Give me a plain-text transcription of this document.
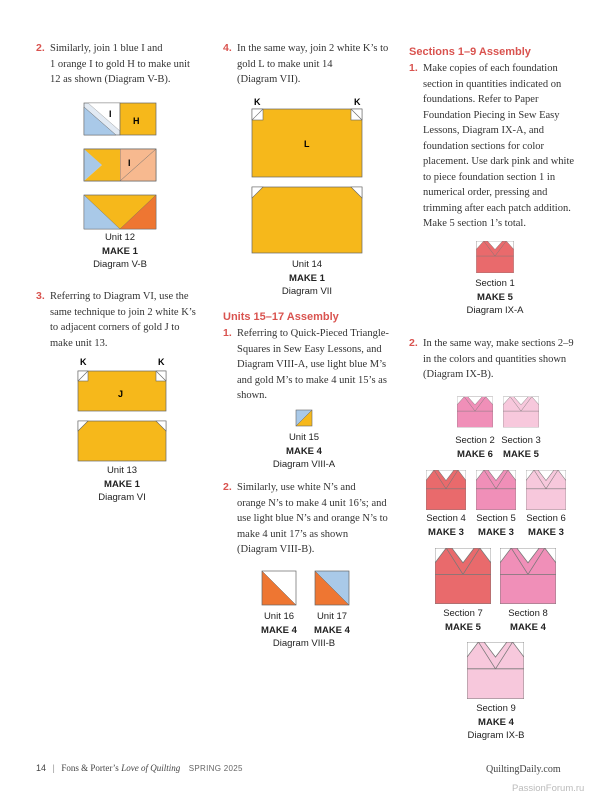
2. Similarly, join 1 blue I and
1 orange I to gold H to make unit
12 as shown (Diagram V-B).
I
H
I
Unit 12
MAKE 1
Diagram V-B
3. Referring to Diagram VI, use the
same technique to join 2 white K’s
to adjacent corners of gold J to
make unit 13.
K	K
J
Unit 13
MAKE 1
Diagram VI
4. In the same way, join 2 white K’s to
gold L to make unit 14
(Diagram VII).
K	K
L
Unit 14
MAKE 1
Diagram VII
Units 15–17 Assembly
1. Referring to Quick-Pieced Triangle-
Squares in Sew Easy Lessons, and
Diagram VIII-A, use light blue M’s
and gold M’s to make 4 unit 15’s as
shown.
Unit 15
MAKE 4
Diagram VIII-A
2. Similarly, use white N’s and
orange N’s to make 4 unit 16’s; and
use light blue N’s and orange N’s to
make 4 unit 17’s as shown
(Diagram VIII-B).
Unit 16
MAKE 4
Unit 17
MAKE 4
Diagram VIII-B
Sections 1–9 Assembly
1. Make copies of each foundation
section in quantities indicated on
foundations. Refer to Paper
Foundation Piecing in Sew Easy
Lessons, Diagram IX-A, and
foundation sections for color
placement. Use dark pink and white
to piece foundation section 1 in
numerical order, pressing and
trimming after each patch addition.
Make 5 section 1’s total.
Section 1
MAKE 5
Diagram IX-A
2. In the same way, make sections 2–9
in the colors and quantities shown
(Diagram IX-B).
Section 2
MAKE 6
Section 3
MAKE 5
Section 4
MAKE 3
Section 5
MAKE 3
Section 6
MAKE 3
Section 7
MAKE 5
Section 8
MAKE 4
Section 9
MAKE 4
Diagram IX-B
14 | Fons & Porter’s Love of Quilting SPRING 2025	QuiltingDaily.com
PassionForum.ru
